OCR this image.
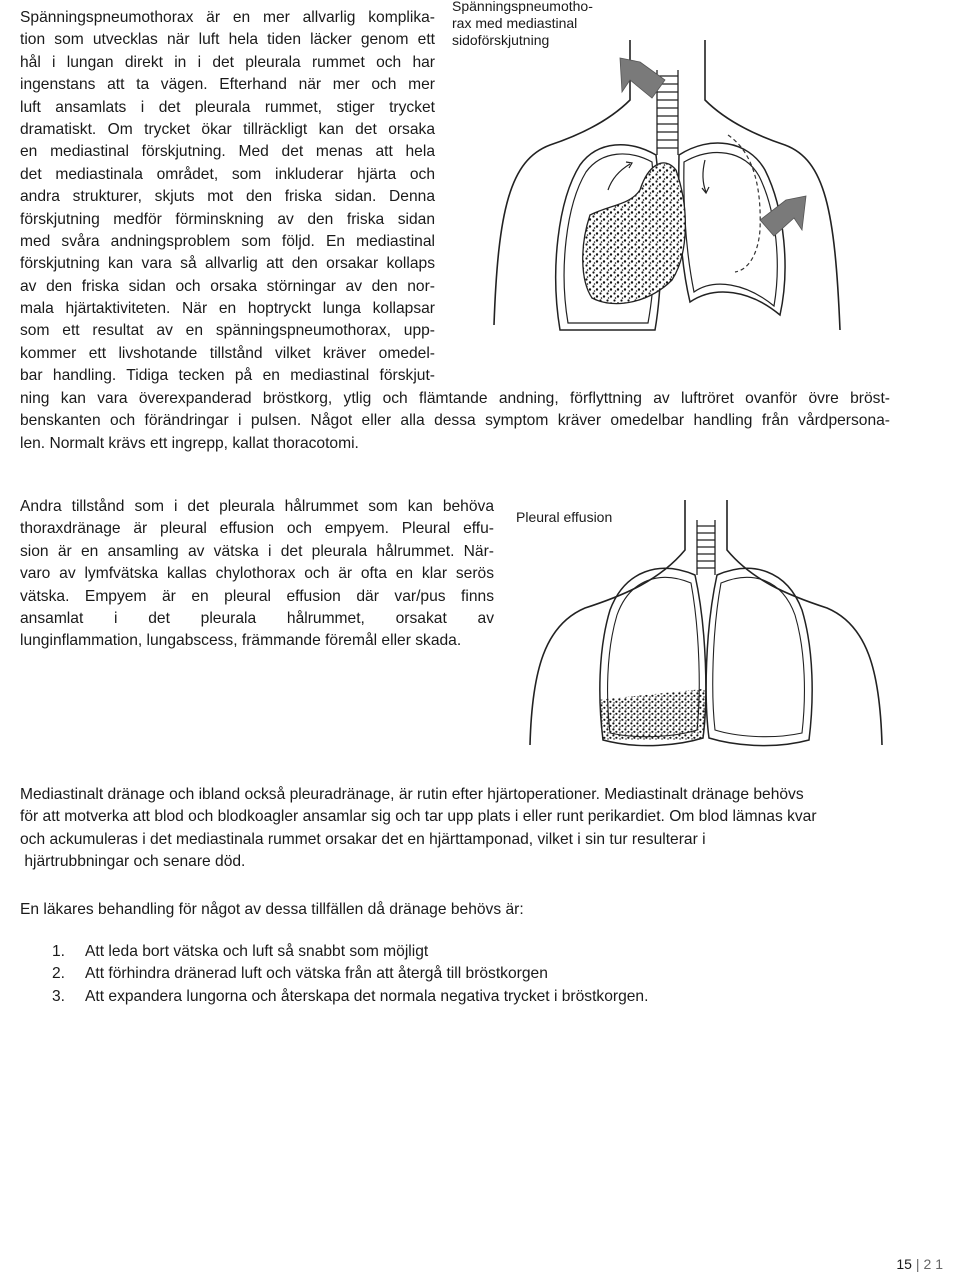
Spänningspneumothorax är en mer allvarlig komplika-
tion som utvecklas när luft hela tiden läcker genom ett
hål i lungan direkt in i det pleurala rummet och har
ingenstans att ta vägen. Efterhand när mer och mer
luft ansamlats i det pleurala rummet, stiger trycket
dramatiskt. Om trycket ökar tillräckligt kan det orsaka
en mediastinal förskjutning. Med det menas att hela
det mediastinala området, som inkluderar hjärta och
andra strukturer, skjuts mot den friska sidan. Denna
förskjutning medför förminskning av den friska sidan
med svåra andningsproblem som följd. En mediastinal
förskjutning kan vara så allvarlig att den orsakar kollaps
av den friska sidan och orsaka störningar av den nor-
mala hjärtaktiviteten. När en hoptryckt lunga kollapsar
som ett resultat av en spänningspneumothorax, upp-
kommer ett livshotande tillstånd vilket kräver omedel-
bar handling. Tidiga tecken på en mediastinal förskjut-
ning kan vara överexpanderad bröstkorg, ytlig och flämtande andning, förflyttning av luftröret ovanför övre bröst-
benskanten och förändringar i pulsen. Något eller alla dessa symptom kräver omedelbar handling från vårdpersona-
len. Normalt krävs ett ingrepp, kallat thoracotomi.
Spänningspneumotho-
rax med mediastinal
sidoförskjutning
Andra tillstånd som i det pleurala hålrummet som kan behöva
thoraxdränage är pleural effusion och empyem. Pleural effu-
sion är en ansamling av vätska i det pleurala hålrummet. När-
varo av lymfvätska kallas chylothorax och är ofta en klar serös
vätska. Empyem är en pleural effusion där var/pus finns
ansamlat i det pleurala hålrummet, orsakat av
lunginflammation, lungabscess, främmande föremål eller skada.
Pleural effusion
Mediastinalt dränage och ibland också pleuradränage, är rutin efter hjärtoperationer. Mediastinalt dränage behövs
för att motverka att blod och blodkoagler ansamlar sig och tar upp plats i eller runt perikardiet. Om blod lämnas kvar
och ackumuleras i det mediastinala rummet orsakar det en hjärttamponad, vilket i sin tur resulterar i
hjärtrubbningar och senare död.
En läkares behandling för något av dessa tillfällen då dränage behövs är:
1. Att leda bort vätska och luft så snabbt som möjligt
2. Att förhindra dränerad luft och vätska från att återgå till bröstkorgen
3. Att expandera lungorna och återskapa det normala negativa trycket i bröstkorgen.
15 | 2 1
